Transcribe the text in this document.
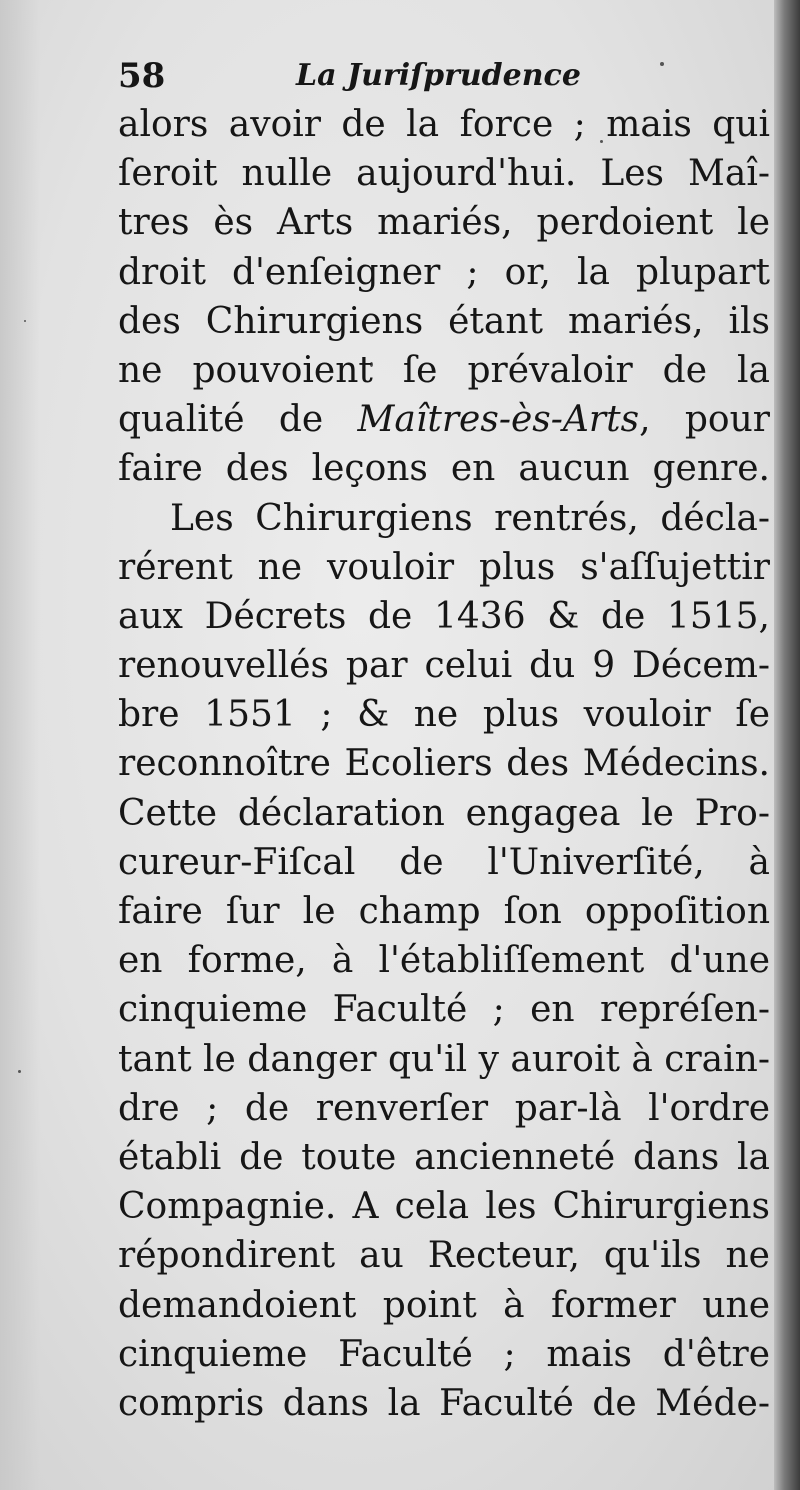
58	La Juriſprudence
alors avoir de la force ; mais qui
ſeroit nulle aujourd'hui. Les Maî-
tres ès Arts mariés, perdoient le
droit d'enſeigner ; or, la plupart
des Chirurgiens étant mariés, ils
ne pouvoient ſe prévaloir de la
qualité de Maîtres-ès-Arts, pour
faire des leçons en aucun genre.
Les Chirurgiens rentrés, décla-
rérent ne vouloir plus s'aſſujettir
aux Décrets de 1436 & de 1515,
renouvellés par celui du 9 Décem-
bre 1551 ; & ne plus vouloir ſe
reconnoître Ecoliers des Médecins.
Cette déclaration engagea le Pro-
cureur-Fiſcal de l'Univerſité, à
faire ſur le champ ſon oppoſition
en forme, à l'établiſſement d'une
cinquieme Faculté ; en repréſen-
tant le danger qu'il y auroit à crain-
dre ; de renverſer par-là l'ordre
établi de toute ancienneté dans la
Compagnie. A cela les Chirurgiens
répondirent au Recteur, qu'ils ne
demandoient point à former une
cinquieme Faculté ; mais d'être
compris dans la Faculté de Méde-
